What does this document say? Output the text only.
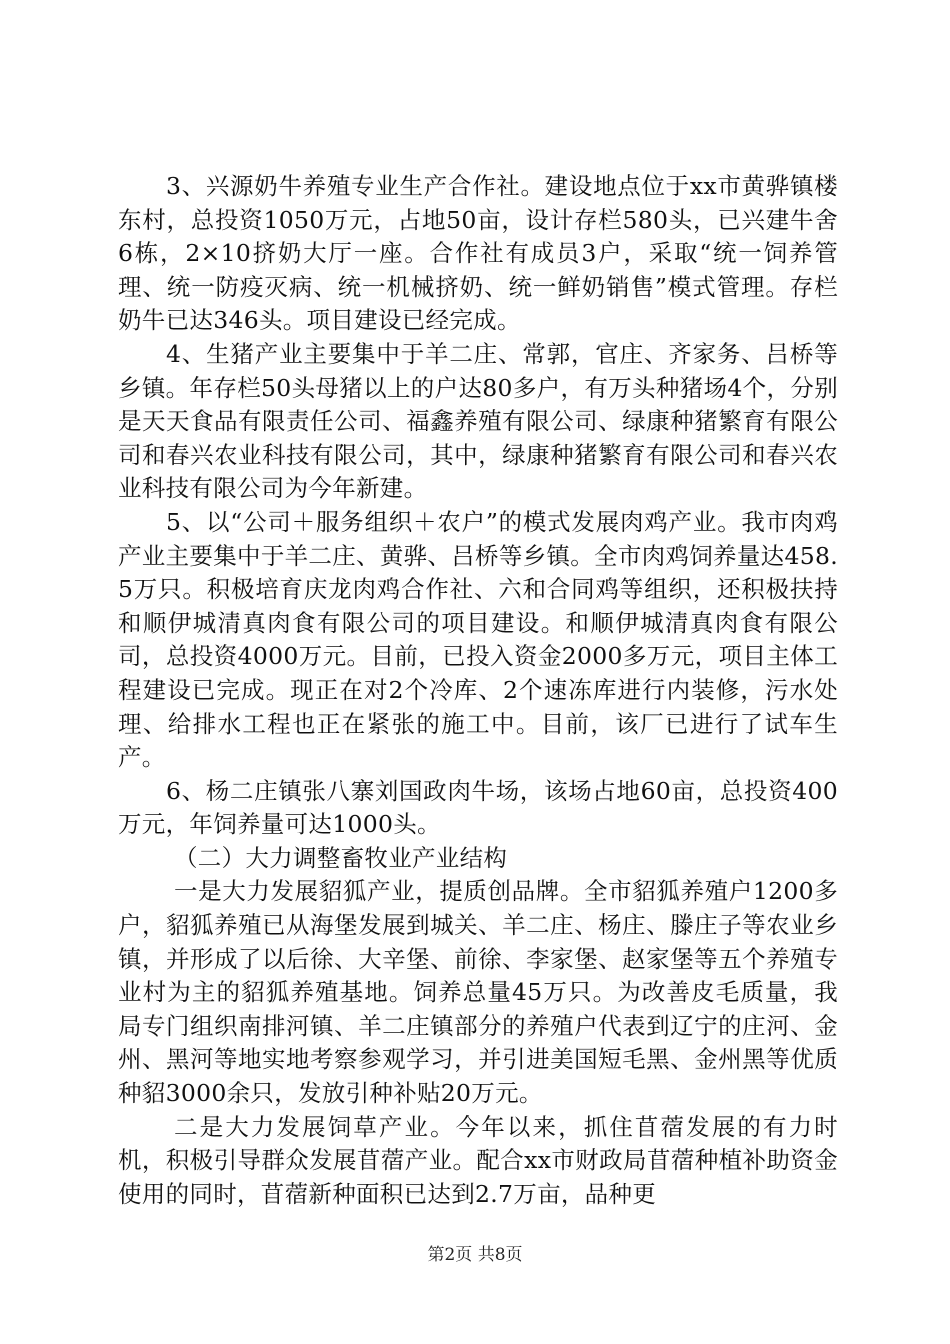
3、兴源奶牛养殖专业生产合作社。建设地点位于xx市黄骅镇楼东村，总投资1050万元，占地50亩，设计存栏580头，已兴建牛舍6栋，2×10挤奶大厅一座。合作社有成员3户，采取“统一饲养管理、统一防疫灭病、统一机械挤奶、统一鲜奶销售”模式管理。存栏奶牛已达346头。项目建设已经完成。

4、生猪产业主要集中于羊二庄、常郭，官庄、齐家务、吕桥等乡镇。年存栏50头母猪以上的户达80多户，有万头种猪场4个，分别是天天食品有限责任公司、福鑫养殖有限公司、绿康种猪繁育有限公司和春兴农业科技有限公司，其中，绿康种猪繁育有限公司和春兴农业科技有限公司为今年新建。

5、以“公司＋服务组织＋农户”的模式发展肉鸡产业。我市肉鸡产业主要集中于羊二庄、黄骅、吕桥等乡镇。全市肉鸡饲养量达458.5万只。积极培育庆龙肉鸡合作社、六和合同鸡等组织，还积极扶持和顺伊城清真肉食有限公司的项目建设。和顺伊城清真肉食有限公司，总投资4000万元。目前，已投入资金2000多万元，项目主体工程建设已完成。现正在对2个冷库、2个速冻库进行内装修，污水处理、给排水工程也正在紧张的施工中。目前，该厂已进行了试车生产。

6、杨二庄镇张八寨刘国政肉牛场，该场占地60亩，总投资400万元，年饲养量可达1000头。

（二）大力调整畜牧业产业结构

一是大力发展貂狐产业，提质创品牌。全市貂狐养殖户1200多户，貂狐养殖已从海堡发展到城关、羊二庄、杨庄、滕庄子等农业乡镇，并形成了以后徐、大辛堡、前徐、李家堡、赵家堡等五个养殖专业村为主的貂狐养殖基地。饲养总量45万只。为改善皮毛质量，我局专门组织南排河镇、羊二庄镇部分的养殖户代表到辽宁的庄河、金州、黑河等地实地考察参观学习，并引进美国短毛黑、金州黑等优质种貂3000余只，发放引种补贴20万元。

二是大力发展饲草产业。今年以来，抓住苜蓿发展的有力时机，积极引导群众发展苜蓿产业。配合xx市财政局苜蓿种植补助资金使用的同时，苜蓿新种面积已达到2.7万亩，品种更

第2页 共8页
